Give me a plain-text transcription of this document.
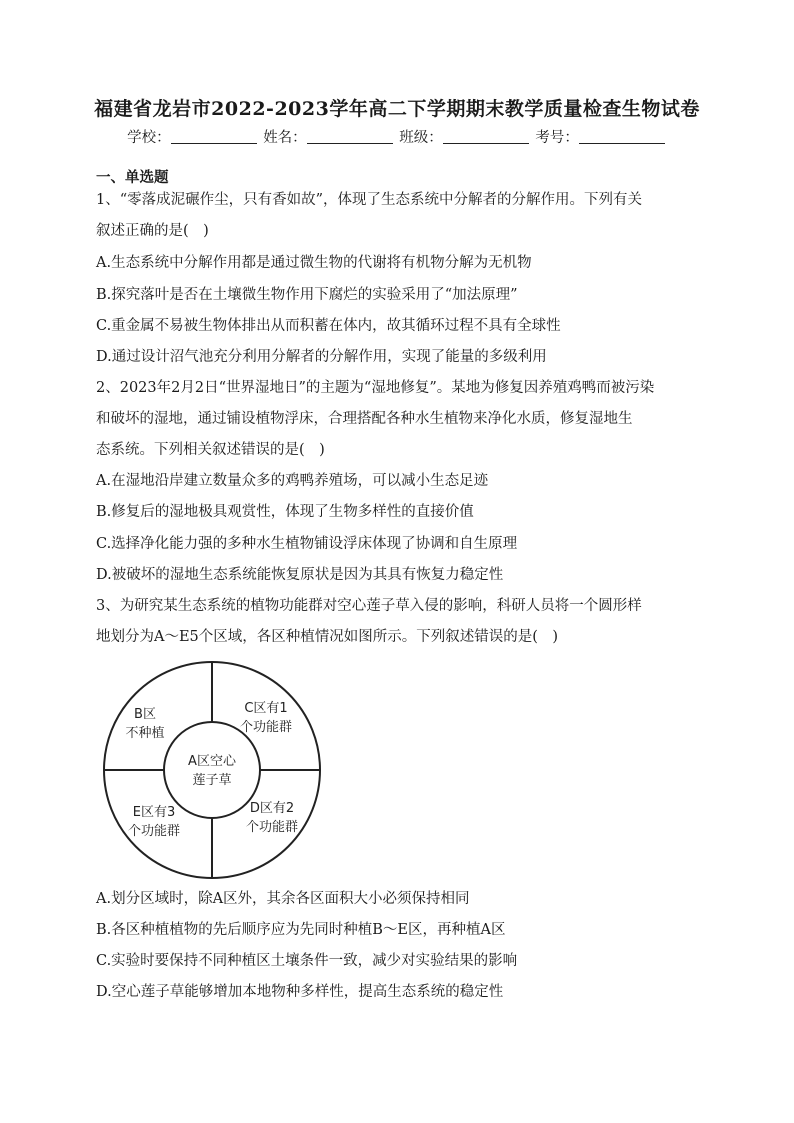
福建省龙岩市2022-2023学年高二下学期期末教学质量检查生物试卷
学校：	姓名：	班级：	考号：
一、单选题
1、“零落成泥碾作尘，只有香如故”，体现了生态系统中分解者的分解作用。下列有关
叙述正确的是(　)
A.生态系统中分解作用都是通过微生物的代谢将有机物分解为无机物
B.探究落叶是否在土壤微生物作用下腐烂的实验采用了“加法原理”
C.重金属不易被生物体排出从而积蓄在体内，故其循环过程不具有全球性
D.通过设计沼气池充分利用分解者的分解作用，实现了能量的多级利用
2、2023年2月2日“世界湿地日”的主题为“湿地修复”。某地为修复因养殖鸡鸭而被污染
和破坏的湿地，通过铺设植物浮床，合理搭配各种水生植物来净化水质，修复湿地生
态系统。下列相关叙述错误的是(　)
A.在湿地沿岸建立数量众多的鸡鸭养殖场，可以减小生态足迹
B.修复后的湿地极具观赏性，体现了生物多样性的直接价值
C.选择净化能力强的多种水生植物铺设浮床体现了协调和自生原理
D.被破坏的湿地生态系统能恢复原状是因为其具有恢复力稳定性
3、为研究某生态系统的植物功能群对空心莲子草入侵的影响，科研人员将一个圆形样
地划分为A～E5个区域，各区种植情况如图所示。下列叙述错误的是(　)
B区
不种植
C区有1
个功能群
A区空心
莲子草
E区有3
个功能群
D区有2
个功能群
A.划分区域时，除A区外，其余各区面积大小必须保持相同
B.各区种植植物的先后顺序应为先同时种植B～E区，再种植A区
C.实验时要保持不同种植区土壤条件一致，减少对实验结果的影响
D.空心莲子草能够增加本地物种多样性，提高生态系统的稳定性
